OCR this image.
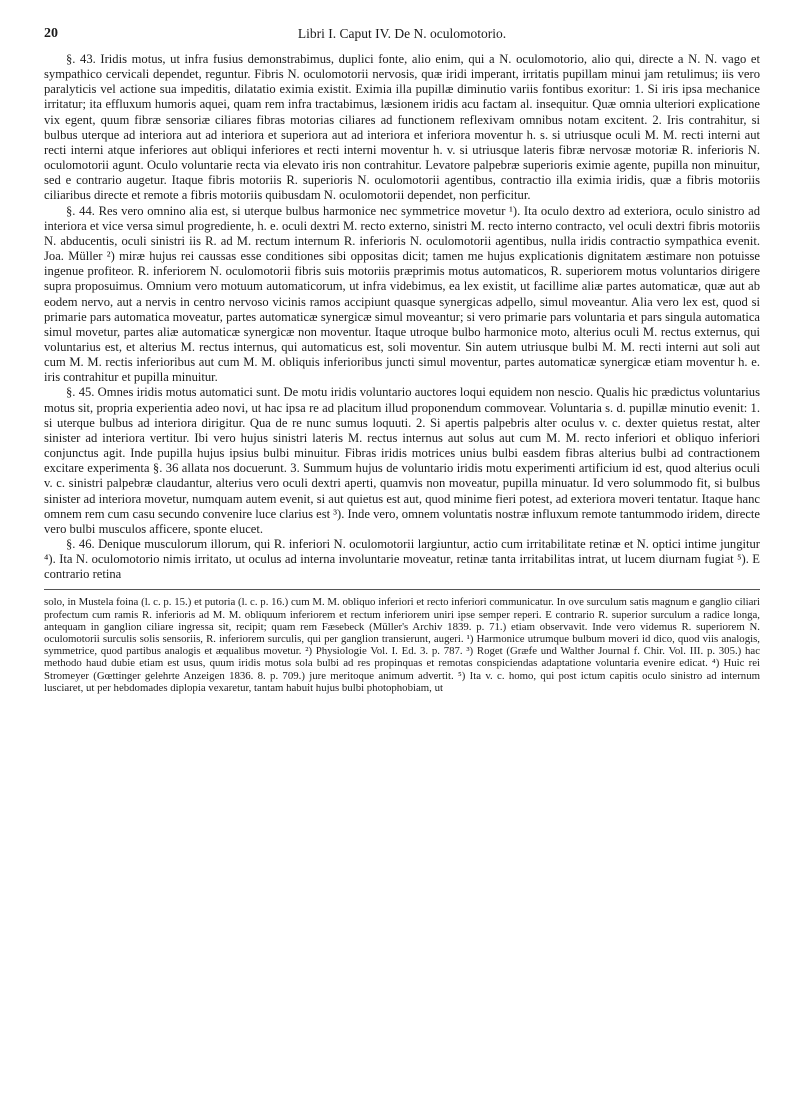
20	Libri I. Caput IV. De N. oculomotorio.

§. 43. Iridis motus, ut infra fusius demonstrabimus, duplici fonte, alio enim, qui a N. oculomotorio, alio qui, directe a N. N. vago et sympathico cervicali dependet, reguntur. Fibris N. oculomotorii nervosis, quæ iridi imperant, irritatis pupillam minui jam retulimus; iis vero paralyticis vel actione sua impeditis, dilatatio eximia existit. Eximia illa pupillæ diminutio variis fontibus exoritur: 1. Si iris ipsa mechanice irritatur; ita effluxum humoris aquei, quam rem infra tractabimus, læsionem iridis acu factam al. insequitur. Quæ omnia ulteriori explicatione vix egent, quum fibræ sensoriæ ciliares fibras motorias ciliares ad functionem reflexivam omnibus notam excitent. 2. Iris contrahitur, si bulbus uterque ad interiora aut ad interiora et superiora aut ad interiora et inferiora moventur h. s. si utriusque oculi M. M. recti interni aut recti interni atque inferiores aut obliqui inferiores et recti interni moventur h. v. si utriusque lateris fibræ nervosæ motoriæ R. inferioris N. oculomotorii agunt. Oculo voluntarie recta via elevato iris non contrahitur. Levatore palpebræ superioris eximie agente, pupilla non minuitur, sed e contrario augetur. Itaque fibris motoriis R. superioris N. oculomotorii agentibus, contractio illa eximia iridis, quæ a fibris motoriis ciliaribus directe et remote a fibris motoriis quibusdam N. oculomotorii dependet, non perficitur.

§. 44. Res vero omnino alia est, si uterque bulbus harmonice nec symmetrice movetur ¹). Ita oculo dextro ad exteriora, oculo sinistro ad interiora et vice versa simul progrediente, h. e. oculi dextri M. recto externo, sinistri M. recto interno contracto, vel oculi dextri fibris motoriis N. abducentis, oculi sinistri iis R. ad M. rectum internum R. inferioris N. oculomotorii agentibus, nulla iridis contractio sympathica evenit. Joa. Müller ²) miræ hujus rei caussas esse conditiones sibi oppositas dicit; tamen me hujus explicationis dignitatem æstimare non potuisse ingenue profiteor. R. inferiorem N. oculomotorii fibris suis motoriis præprimis motus automaticos, R. superiorem motus voluntarios dirigere supra proposuimus. Omnium vero motuum automaticorum, ut infra videbimus, ea lex existit, ut facillime aliæ partes automaticæ, quæ aut ab eodem nervo, aut a nervis in centro nervoso vicinis ramos accipiunt quasque synergicas adpello, simul moveantur. Alia vero lex est, quod si primarie pars automatica moveatur, partes automaticæ synergicæ simul moveantur; si vero primarie pars voluntaria et pars singula automatica simul movetur, partes aliæ automaticæ synergicæ non moventur. Itaque utroque bulbo harmonice moto, alterius oculi M. rectus externus, qui voluntarius est, et alterius M. rectus internus, qui automaticus est, soli moventur. Sin autem utriusque bulbi M. M. recti interni aut soli aut cum M. M. rectis inferioribus aut cum M. M. obliquis inferioribus juncti simul moventur, partes automaticæ synergicæ etiam moventur h. e. iris contrahitur et pupilla minuitur.

§. 45. Omnes iridis motus automatici sunt. De motu iridis voluntario auctores loqui equidem non nescio. Qualis hic prædictus voluntarius motus sit, propria experientia adeo novi, ut hac ipsa re ad placitum illud proponendum commovear. Voluntaria s. d. pupillæ minutio evenit: 1. si uterque bulbus ad interiora dirigitur. Qua de re nunc sumus loquuti. 2. Si apertis palpebris alter oculus v. c. dexter quietus restat, alter sinister ad interiora vertitur. Ibi vero hujus sinistri lateris M. rectus internus aut solus aut cum M. M. recto inferiori et obliquo inferiori conjunctus agit. Inde pupilla hujus ipsius bulbi minuitur. Fibras iridis motrices unius bulbi easdem fibras alterius bulbi ad contractionem excitare experimenta §. 36 allata nos docuerunt. 3. Summum hujus de voluntario iridis motu experimenti artificium id est, quod alterius oculi v. c. sinistri palpebræ claudantur, alterius vero oculi dextri aperti, quamvis non moveatur, pupilla minuatur. Id vero solummodo fit, si bulbus sinister ad interiora movetur, numquam autem evenit, si aut quietus est aut, quod minime fieri potest, ad exteriora moveri tentatur. Itaque hanc omnem rem cum casu secundo convenire luce clarius est ³). Inde vero, omnem voluntatis nostræ influxum remote tantummodo iridem, directe vero bulbi musculos afficere, sponte elucet.

§. 46. Denique musculorum illorum, qui R. inferiori N. oculomotorii largiuntur, actio cum irritabilitate retinæ et N. optici intime jungitur ⁴). Ita N. oculomotorio nimis irritato, ut oculus ad interna involuntarie moveatur, retinæ tanta irritabilitas intrat, ut lucem diurnam fugiat ⁵). E contrario retina

solo, in Mustela foina (l. c. p. 15.) et putoria (l. c. p. 16.) cum M. M. obliquo inferiori et recto inferiori communicatur. In ove surculum satis magnum e ganglio ciliari profectum cum ramis R. inferioris ad M. M. obliquum inferiorem et rectum inferiorem uniri ipse semper reperi. E contrario R. superior surculum a radice longa, antequam in ganglion ciliare ingressa sit, recipit; quam rem Fæsebeck (Müller's Archiv 1839. p. 71.) etiam observavit. Inde vero videmus R. superiorem N. oculomotorii surculis solis sensoriis, R. inferiorem surculis, qui per ganglion transierunt, augeri. ¹) Harmonice utrumque bulbum moveri id dico, quod viis analogis, symmetrice, quod partibus analogis et æqualibus movetur. ²) Physiologie Vol. I. Ed. 3. p. 787. ³) Roget (Græfe und Walther Journal f. Chir. Vol. III. p. 305.) hac methodo haud dubie etiam est usus, quum iridis motus sola bulbi ad res propinquas et remotas conspiciendas adaptatione voluntaria evenire edicat. ⁴) Huic rei Stromeyer (Gœttinger gelehrte Anzeigen 1836. 8. p. 709.) jure meritoque animum advertit. ⁵) Ita v. c. homo, qui post ictum capitis oculo sinistro ad internum lusciaret, ut per hebdomades diplopia vexaretur, tantam habuit hujus bulbi photophobiam, ut
